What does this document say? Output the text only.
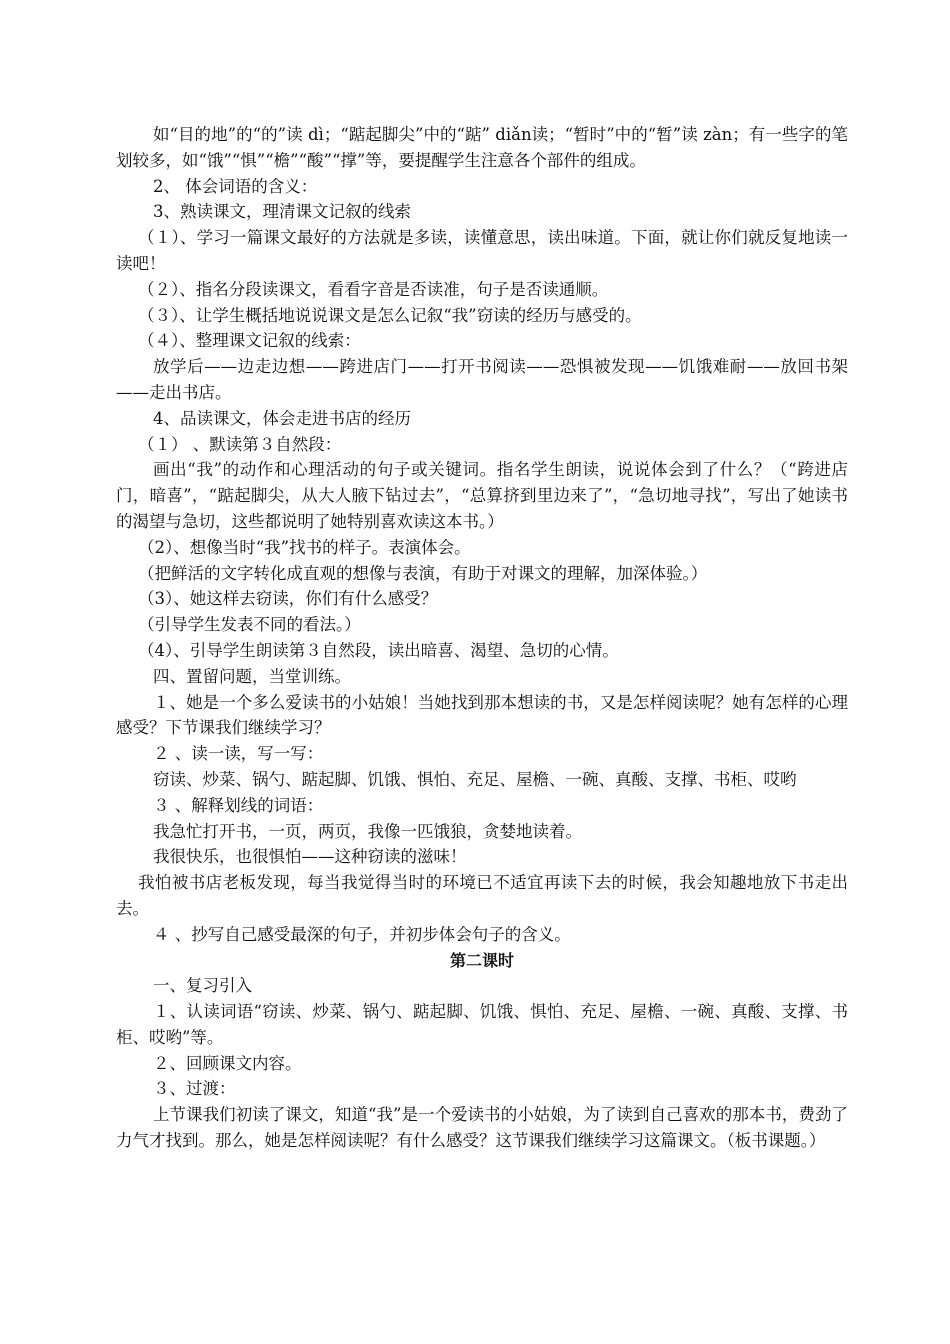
如“目的地”的“的”读 dì；“踮起脚尖”中的“踮” diǎn读；“暂时”中的“暂”读 zàn；有一些字的笔划较多，如“饿”“惧”“檐”“酸”“撑”等，要提醒学生注意各个部件的组成。

2、 体会词语的含义：

3、熟读课文，理清课文记叙的线索

（１）、学习一篇课文最好的方法就是多读，读懂意思，读出味道。下面，就让你们就反复地读一读吧！

（２）、指名分段读课文，看看字音是否读准，句子是否读通顺。

（３）、让学生概括地说说课文是怎么记叙“我”窃读的经历与感受的。

（４）、整理课文记叙的线索：

放学后——边走边想——跨进店门——打开书阅读——恐惧被发现——饥饿难耐——放回书架——走出书店。

4、品读课文，体会走进书店的经历

（１） 、默读第３自然段：

画出“我”的动作和心理活动的句子或关键词。指名学生朗读，说说体会到了什么？（“跨进店门，暗喜”，“踮起脚尖，从大人腋下钻过去”，“总算挤到里边来了”，“急切地寻找”，写出了她读书的渴望与急切，这些都说明了她特别喜欢读这本书。）

（2）、想像当时“我”找书的样子。表演体会。

（把鲜活的文字转化成直观的想像与表演，有助于对课文的理解，加深体验。）

（3）、她这样去窃读，你们有什么感受？

（引导学生发表不同的看法。）

（4）、引导学生朗读第３自然段，读出暗喜、渴望、急切的心情。

四、置留问题，当堂训练。

１、她是一个多么爱读书的小姑娘！当她找到那本想读的书，又是怎样阅读呢？她有怎样的心理感受？下节课我们继续学习？

２ 、读一读，写一写：

窃读、炒菜、锅勺、踮起脚、饥饿、惧怕、充足、屋檐、一碗、真酸、支撑、书柜、哎哟

３ 、解释划线的词语：

我急忙打开书，一页，两页，我像一匹饿狼，贪婪地读着。

我很快乐，也很惧怕——这种窃读的滋味！

我怕被书店老板发现，每当我觉得当时的环境已不适宜再读下去的时候，我会知趣地放下书走出去。

４ 、抄写自己感受最深的句子，并初步体会句子的含义。

第二课时

一、复习引入

１、认读词语“窃读、炒菜、锅勺、踮起脚、饥饿、惧怕、充足、屋檐、一碗、真酸、支撑、书柜、哎哟”等。

２、回顾课文内容。

３、过渡：

上节课我们初读了课文，知道“我”是一个爱读书的小姑娘，为了读到自己喜欢的那本书，费劲了力气才找到。那么，她是怎样阅读呢？有什么感受？这节课我们继续学习这篇课文。（板书课题。）
